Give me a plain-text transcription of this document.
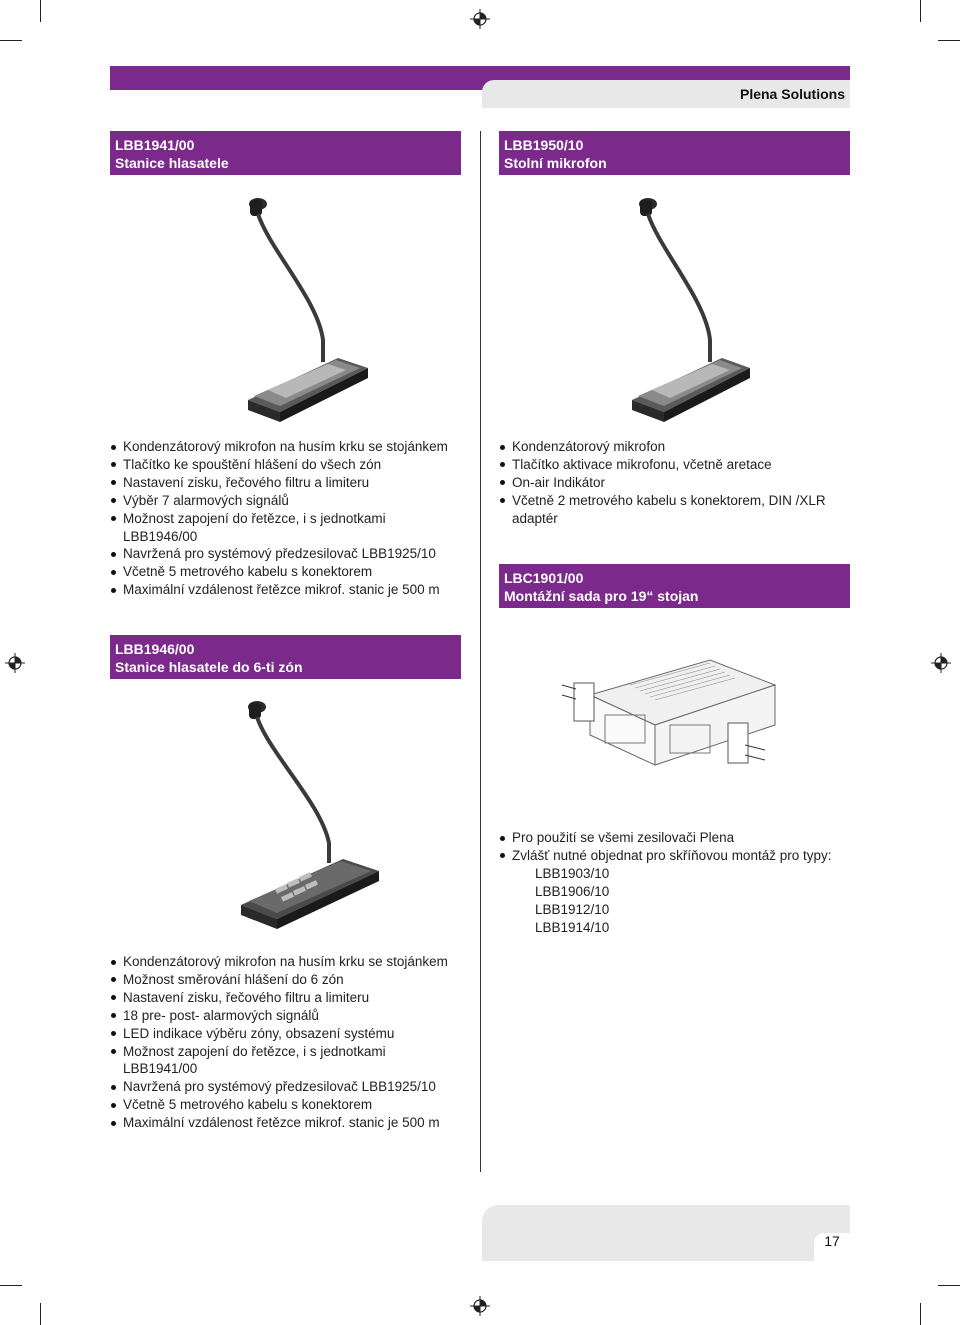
Plena Solutions
LBB1941/00
Stanice hlasatele
Kondenzátorový mikrofon na husím krku se stojánkem
Tlačítko ke spouštění hlášení do všech zón
Nastavení zisku, řečového filtru a limiteru
Výběr 7 alarmových signálů
Možnost zapojení do řetězce, i s jednotkami
LBB1946/00
Navržená pro systémový předzesilovač LBB1925/10
Včetně 5 metrového kabelu s konektorem
Maximální vzdálenost řetězce mikrof. stanic je 500 m
LBB1950/10
Stolní mikrofon
Kondenzátorový mikrofon
Tlačítko aktivace mikrofonu, včetně aretace
On-air Indikátor
Včetně 2 metrového kabelu s konektorem, DIN /XLR
adaptér
LBC1901/00
Montážní sada pro 19“ stojan
Pro použití se všemi zesilovači Plena
Zvlášť nutné objednat pro skříňovou montáž pro typy:
LBB1903/10
LBB1906/10
LBB1912/10
LBB1914/10
LBB1946/00
Stanice hlasatele do 6-ti zón
Kondenzátorový mikrofon na husím krku se stojánkem
Možnost směrování hlášení do 6 zón
Nastavení zisku, řečového filtru a limiteru
18 pre- post- alarmových signálů
LED indikace výběru zóny, obsazení systému
Možnost zapojení do řetězce, i s jednotkami
LBB1941/00
Navržená pro systémový předzesilovač LBB1925/10
Včetně 5 metrového kabelu s konektorem
Maximální vzdálenost řetězce mikrof. stanic je 500 m
17
